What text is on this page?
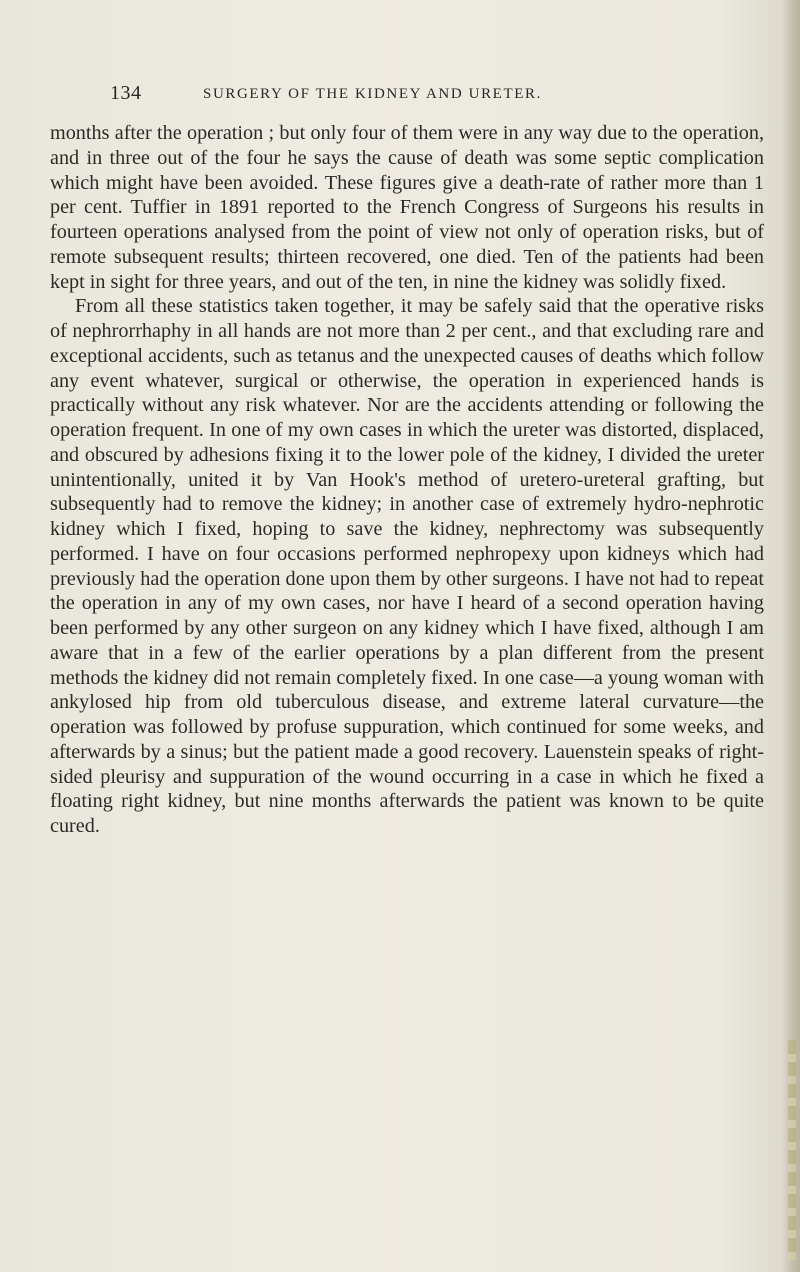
134	SURGERY OF THE KIDNEY AND URETER.

months after the operation ; but only four of them were in any way due to the operation, and in three out of the four he says the cause of death was some septic complication which might have been avoided. These figures give a death-rate of rather more than 1 per cent. Tuffier in 1891 reported to the French Congress of Surgeons his results in fourteen operations analysed from the point of view not only of operation risks, but of remote subsequent results; thirteen recovered, one died. Ten of the patients had been kept in sight for three years, and out of the ten, in nine the kidney was solidly fixed.

From all these statistics taken together, it may be safely said that the operative risks of nephrorrhaphy in all hands are not more than 2 per cent., and that excluding rare and exceptional accidents, such as tetanus and the unexpected causes of deaths which follow any event whatever, surgical or otherwise, the operation in experienced hands is practically without any risk whatever. Nor are the accidents attending or following the operation frequent. In one of my own cases in which the ureter was distorted, displaced, and obscured by adhesions fixing it to the lower pole of the kidney, I divided the ureter unintentionally, united it by Van Hook's method of uretero-ureteral grafting, but subsequently had to remove the kidney; in another case of extremely hydro-nephrotic kidney which I fixed, hoping to save the kidney, nephrectomy was subsequently performed. I have on four occasions performed nephropexy upon kidneys which had previously had the operation done upon them by other surgeons. I have not had to repeat the operation in any of my own cases, nor have I heard of a second operation having been performed by any other surgeon on any kidney which I have fixed, although I am aware that in a few of the earlier operations by a plan different from the present methods the kidney did not remain completely fixed. In one case—a young woman with ankylosed hip from old tuberculous disease, and extreme lateral curvature—the operation was followed by profuse suppuration, which continued for some weeks, and afterwards by a sinus; but the patient made a good recovery. Lauenstein speaks of right-sided pleurisy and suppuration of the wound occurring in a case in which he fixed a floating right kidney, but nine months afterwards the patient was known to be quite cured.
